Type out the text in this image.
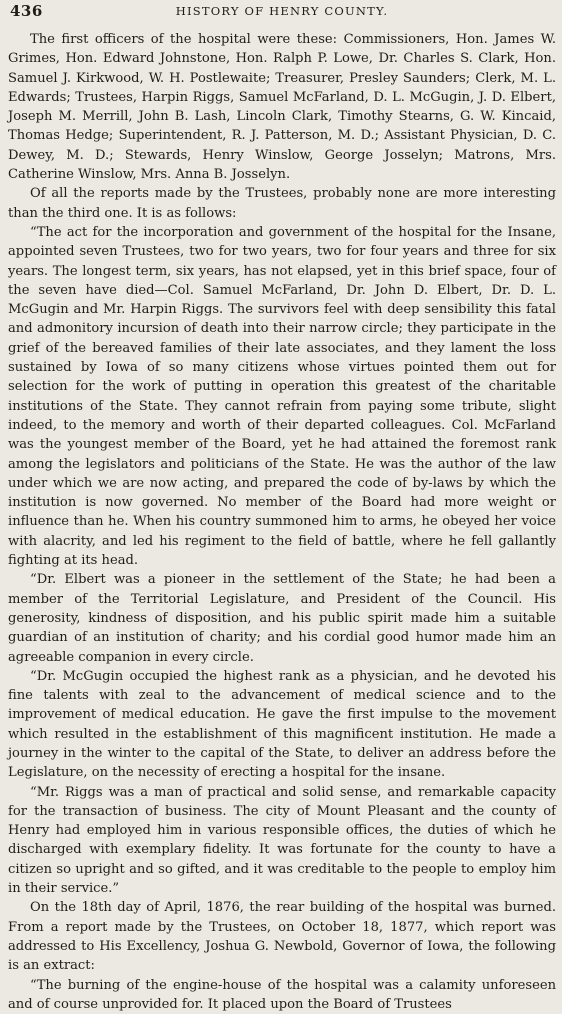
436	HISTORY OF HENRY COUNTY.

The first officers of the hospital were these: Commissioners, Hon. James W. Grimes, Hon. Edward Johnstone, Hon. Ralph P. Lowe, Dr. Charles S. Clark, Hon. Samuel J. Kirkwood, W. H. Postlewaite; Treasurer, Presley Saunders; Clerk, M. L. Edwards; Trustees, Harpin Riggs, Samuel McFarland, D. L. McGugin, J. D. Elbert, Joseph M. Merrill, John B. Lash, Lincoln Clark, Timothy Stearns, G. W. Kincaid, Thomas Hedge; Superintendent, R. J. Patterson, M. D.; Assistant Physician, D. C. Dewey, M. D.; Stewards, Henry Winslow, George Josselyn; Matrons, Mrs. Catherine Winslow, Mrs. Anna B. Josselyn.

Of all the reports made by the Trustees, probably none are more interesting than the third one. It is as follows:

“The act for the incorporation and government of the hospital for the Insane, appointed seven Trustees, two for two years, two for four years and three for six years. The longest term, six years, has not elapsed, yet in this brief space, four of the seven have died—Col. Samuel McFarland, Dr. John D. Elbert, Dr. D. L. McGugin and Mr. Harpin Riggs. The survivors feel with deep sensibility this fatal and admonitory incursion of death into their narrow circle; they participate in the grief of the bereaved families of their late associates, and they lament the loss sustained by Iowa of so many citizens whose virtues pointed them out for selection for the work of putting in operation this greatest of the charitable institutions of the State. They cannot refrain from paying some tribute, slight indeed, to the memory and worth of their departed colleagues. Col. McFarland was the youngest member of the Board, yet he had attained the foremost rank among the legislators and politicians of the State. He was the author of the law under which we are now acting, and prepared the code of by-laws by which the institution is now governed. No member of the Board had more weight or influence than he. When his country summoned him to arms, he obeyed her voice with alacrity, and led his regiment to the field of battle, where he fell gallantly fighting at its head.

“Dr. Elbert was a pioneer in the settlement of the State; he had been a member of the Territorial Legislature, and President of the Council. His generosity, kindness of disposition, and his public spirit made him a suitable guardian of an institution of charity; and his cordial good humor made him an agreeable companion in every circle.

“Dr. McGugin occupied the highest rank as a physician, and he devoted his fine talents with zeal to the advancement of medical science and to the improvement of medical education. He gave the first impulse to the movement which resulted in the establishment of this magnificent institution. He made a journey in the winter to the capital of the State, to deliver an address before the Legislature, on the necessity of erecting a hospital for the insane.

“Mr. Riggs was a man of practical and solid sense, and remarkable capacity for the transaction of business. The city of Mount Pleasant and the county of Henry had employed him in various responsible offices, the duties of which he discharged with exemplary fidelity. It was fortunate for the county to have a citizen so upright and so gifted, and it was creditable to the people to employ him in their service.”

On the 18th day of April, 1876, the rear building of the hospital was burned. From a report made by the Trustees, on October 18, 1877, which report was addressed to His Excellency, Joshua G. Newbold, Governor of Iowa, the following is an extract:

“The burning of the engine-house of the hospital was a calamity unforeseen and of course unprovided for. It placed upon the Board of Trustees
